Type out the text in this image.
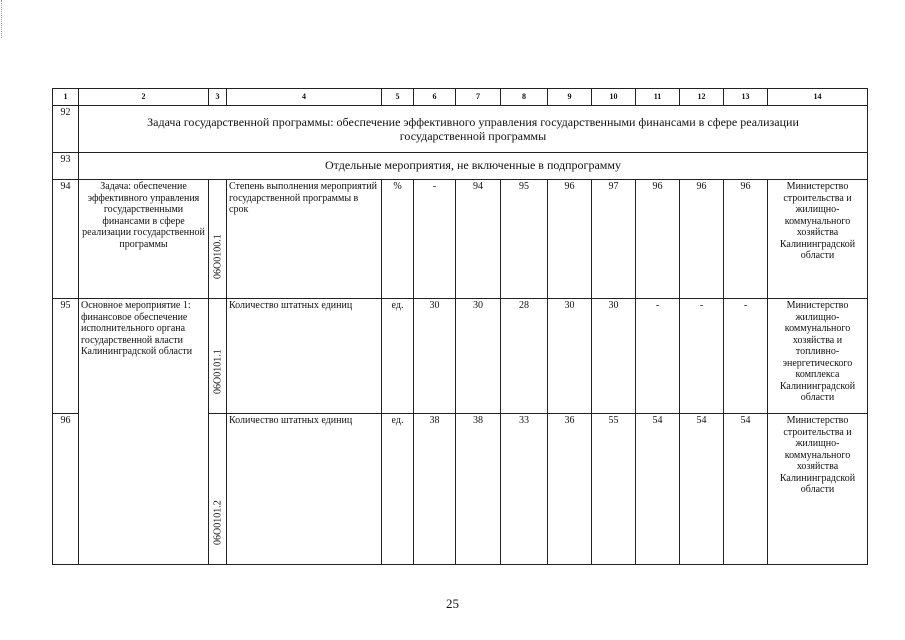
1	2	3	4	5	6	7	8	9	10	11	12	13	14
92	Задача государственной программы: обеспечение эффективного управления государственными финансами в сфере реализации государственной программы												
93	Отдельные мероприятия, не включенные в подпрограмму												
94	Задача: обеспечение эффективного управления государственными финансами в сфере реализации государственной программы	06О0100.1	Степень выполнения мероприятий государственной программы в срок	%	-	94	95	96	97	96	96	96	Министерство строительства и жилищно-коммунального хозяйства Калининградской области
95	Основное мероприятие 1: финансовое обеспечение исполнительного органа государственной власти Калининградской области	06О0101.1	Количество штатных единиц	ед.	30	30	28	30	30	-	-	-	Министерство жилищно-коммунального хозяйства и топливно-энергетического комплекса Калининградской области
96		06О0101.2	Количество штатных единиц	ед.	38	38	33	36	55	54	54	54	Министерство строительства и жилищно-коммунального хозяйства Калининградской области
25
